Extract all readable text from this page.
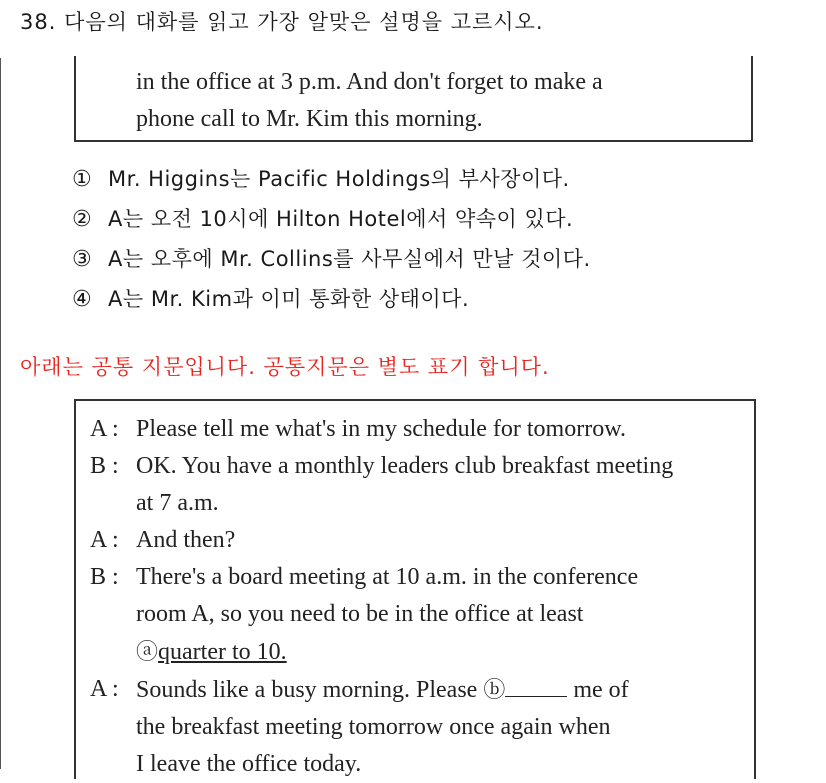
38. 다음의 대화를 읽고 가장 알맞은 설명을 고르시오.
in the office at 3 p.m. And don't forget to make a
phone call to Mr. Kim this morning.
① Mr. Higgins는 Pacific Holdings의 부사장이다.
② A는 오전 10시에 Hilton Hotel에서 약속이 있다.
③ A는 오후에 Mr. Collins를 사무실에서 만날 것이다.
④ A는 Mr. Kim과 이미 통화한 상태이다.
아래는 공통 지문입니다. 공통지문은 별도 표기 합니다.
A : Please tell me what's in my schedule for tomorrow.
B : OK. You have a monthly leaders club breakfast meeting
at 7 a.m.
A : And then?
B : There's a board meeting at 10 a.m. in the conference
room A, so you need to be in the office at least
ⓐquarter to 10.
A : Sounds like a busy morning. Please ⓑ	me of
the breakfast meeting tomorrow once again when
I leave the office today.
